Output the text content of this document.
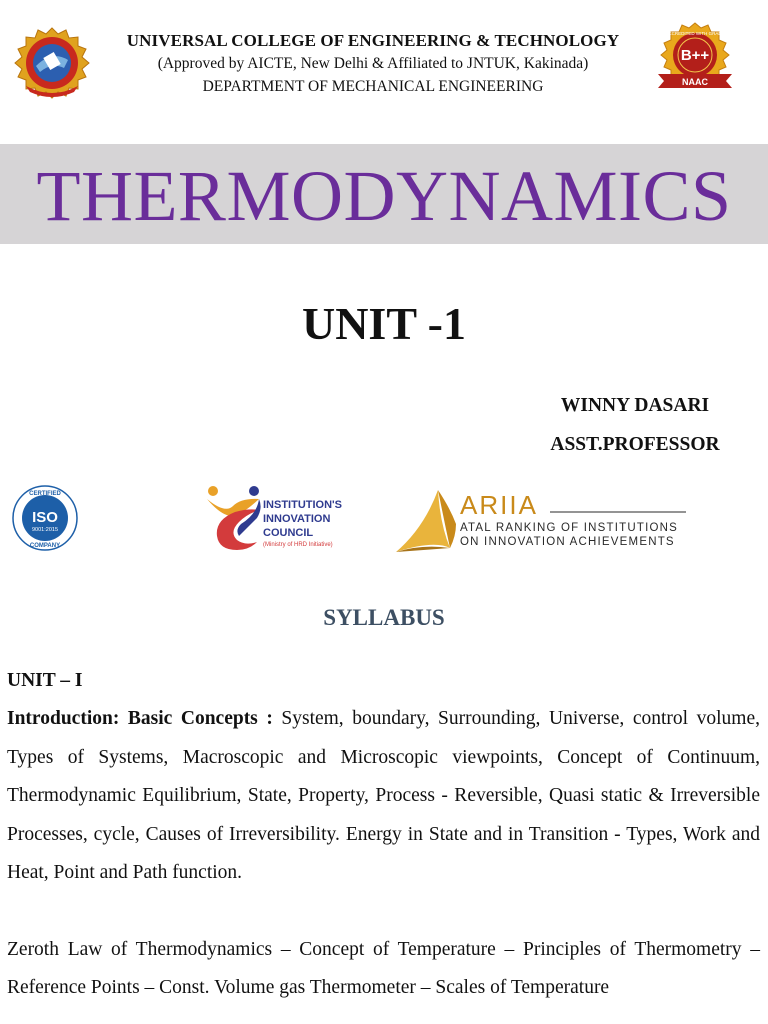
UNIVERSAL COLLEGE OF ENGINEERING & TECHNOLOGY
(Approved by AICTE, New Delhi & Affiliated to JNTUK, Kakinada)
DEPARTMENT OF MECHANICAL ENGINEERING
ACCREDITED WITH GRADE
B++
NAAC
THERMODYNAMICS
UNIT -1
WINNY DASARI
ASST.PROFESSOR
CERTIFIED
ISO
9001:2015
COMPANY
INSTITUTION'S
INNOVATION
COUNCIL
(Ministry of HRD Initiative)
ARIIA
ATAL RANKING OF INSTITUTIONS
ON INNOVATION ACHIEVEMENTS
SYLLABUS

UNIT – I

Introduction: Basic Concepts : System, boundary, Surrounding, Universe, control volume, Types of Systems, Macroscopic and Microscopic viewpoints, Concept of Continuum, Thermodynamic Equilibrium, State, Property, Process - Reversible, Quasi static & Irreversible Processes, cycle, Causes of Irreversibility. Energy in State and in Transition - Types, Work and Heat, Point and Path function.

Zeroth Law of Thermodynamics – Concept of Temperature – Principles of Thermometry – Reference Points – Const. Volume gas Thermometer – Scales of Temperature
